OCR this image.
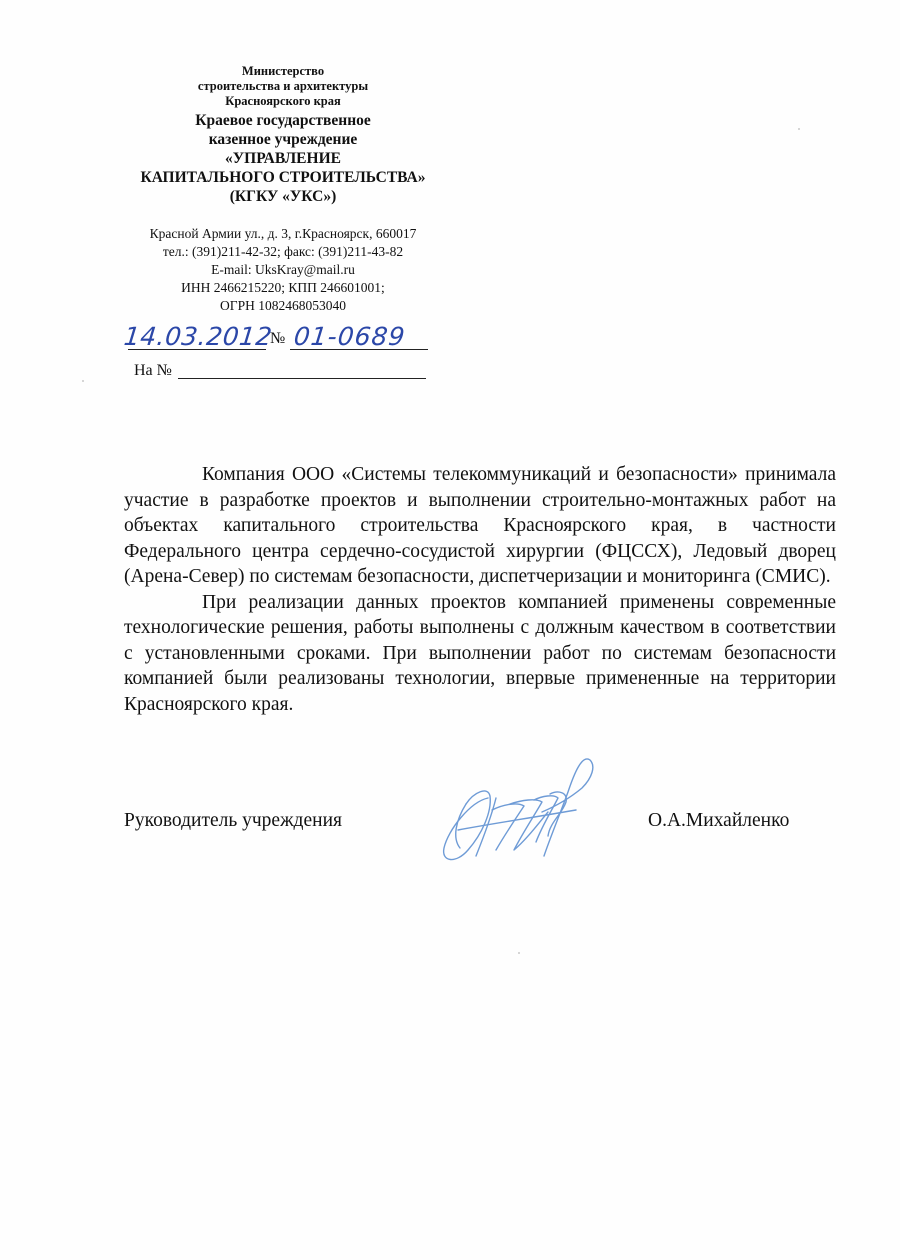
Министерство
строительства и архитектуры
Красноярского края
Краевое государственное
казенное учреждение
«УПРАВЛЕНИЕ
КАПИТАЛЬНОГО СТРОИТЕЛЬСТВА»
(КГКУ «УКС»)
Красной Армии ул., д. 3, г.Красноярск, 660017
тел.: (391)211-42-32; факс: (391)211-43-82
E-mail: UksKray@mail.ru
ИНН 2466215220; КПП 246601001;
ОГРН 1082468053040
14.03.2012
№ 01-0689
На №

Компания ООО «Системы телекоммуникаций и безопасности» принимала участие в разработке проектов и выполнении строительно-монтажных работ на объектах капитального строительства Красноярского края, в частности Федерального центра сердечно-сосудистой хирургии (ФЦССХ), Ледовый дворец (Арена-Север) по системам безопасности, диспетчеризации и мониторинга (СМИС).

При реализации данных проектов компанией применены современные технологические решения, работы выполнены с должным качеством в соответствии с установленными сроками. При выполнении работ по системам безопасности компанией были реализованы технологии, впервые примененные на территории Красноярского края.

Руководитель учреждения	О.А.Михайленко
